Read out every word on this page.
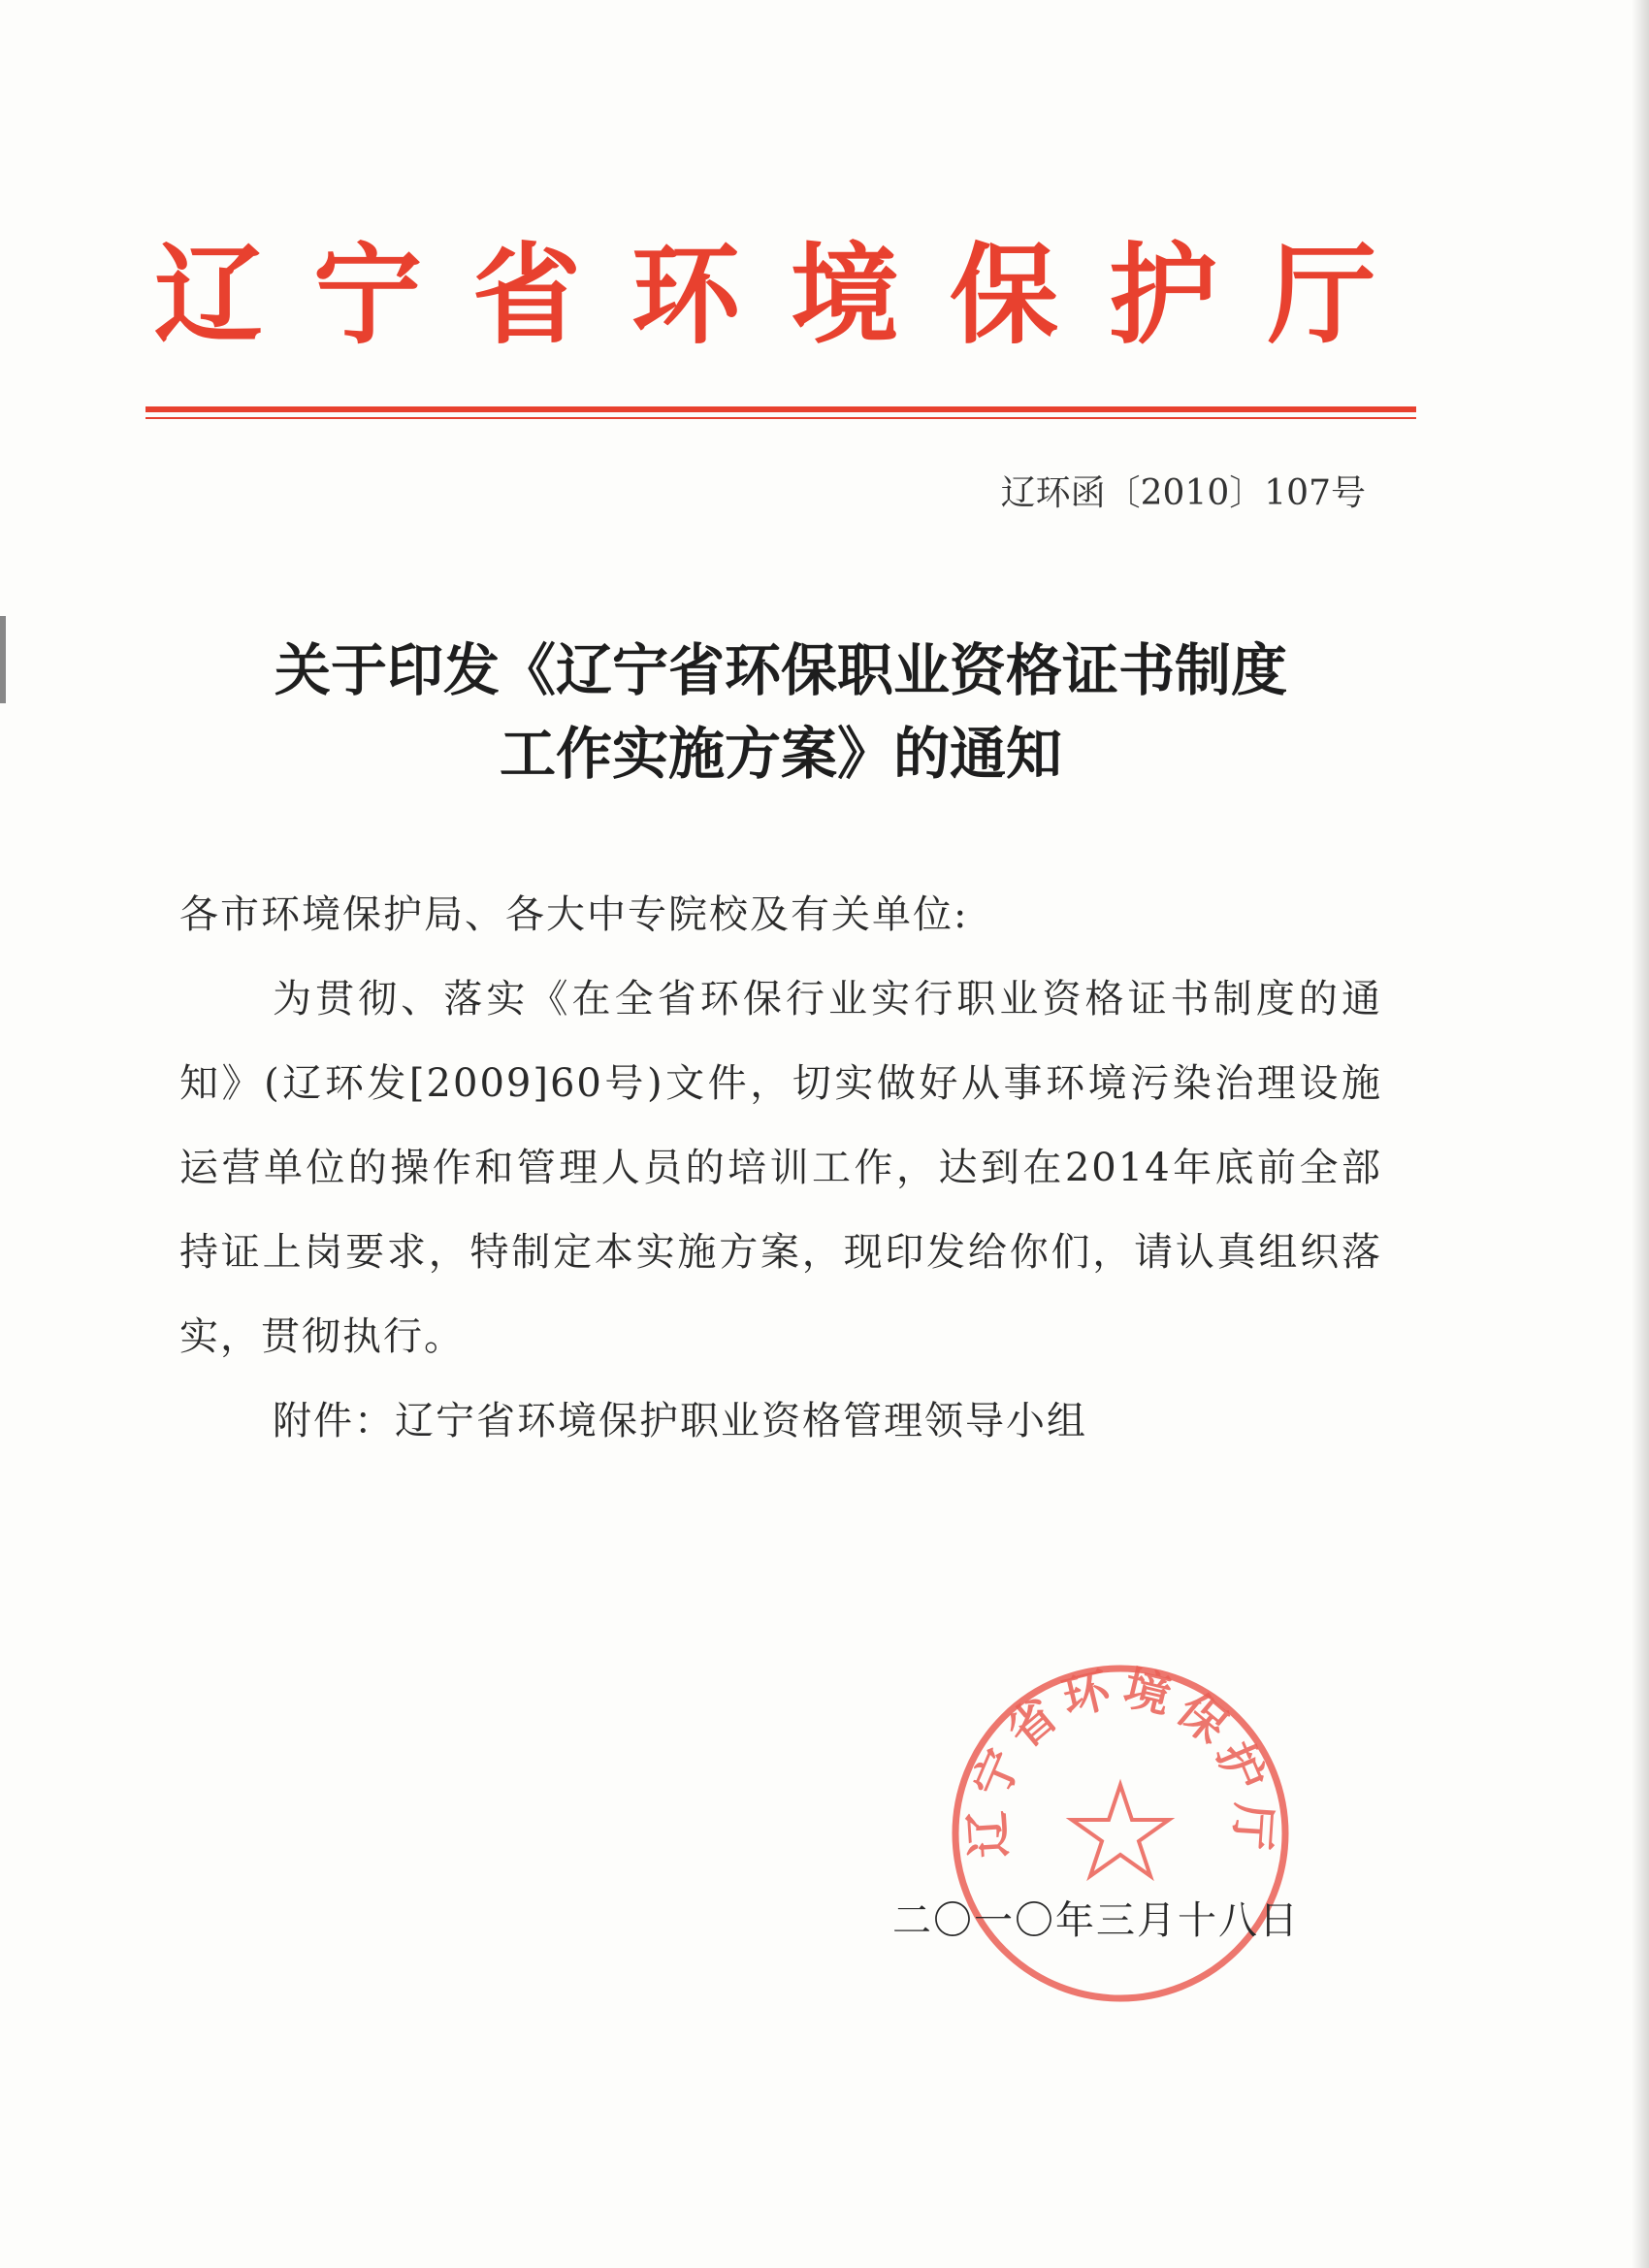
辽宁省环境保护厅
辽环函〔2010〕107号
关于印发《辽宁省环保职业资格证书制度
工作实施方案》的通知
各市环境保护局、各大中专院校及有关单位:
为贯彻、落实《在全省环保行业实行职业资格证书制度的通知》(辽环发[2009]60号)文件，切实做好从事环境污染治理设施运营单位的操作和管理人员的培训工作，达到在2014年底前全部持证上岗要求，特制定本实施方案，现印发给你们，请认真组织落实，贯彻执行。
附件：辽宁省环境保护职业资格管理领导小组
辽宁省环境保护厅
二〇一〇年三月十八日
